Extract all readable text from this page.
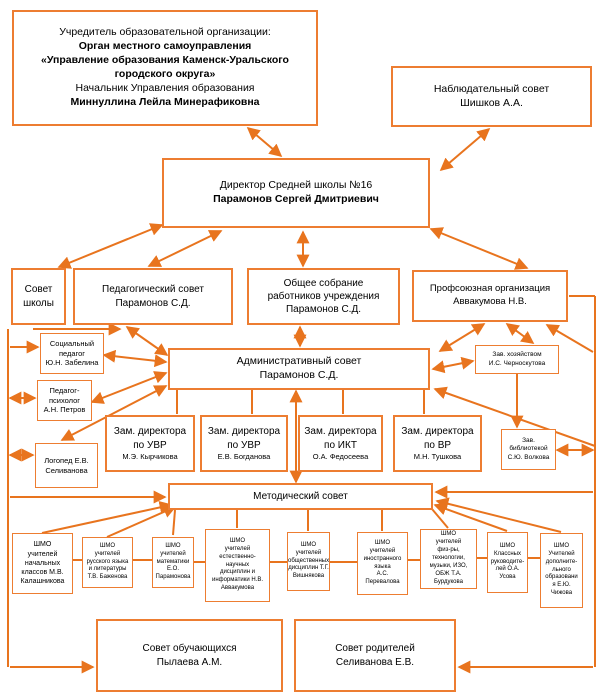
Учредитель образовательной организации:
Орган местного самоуправления
«Управление образования Каменск-Уральского
городского округа»
Начальник Управления образования
Миннуллина Лейла Минерафиковна
Наблюдательный совет
Шишков А.А.
Директор Средней школы №16
Парамонов Сергей Дмитриевич
Совет
школы
Педагогический совет
Парамонов С.Д.
Общее собрание
работников учреждения
Парамонов С.Д.
Профсоюзная организация
Аввакумова Н.В.
Социальный
педагог
Ю.Н. Забелина
Педагог-
психолог
А.Н. Петров
Логопед Е.В.
Селиванова
Административный совет
Парамонов С.Д.
Зав. хозяйством
И.С. Черноскутова
Зам. директора
по УВР
М.Э. Кырчикова
Зам. директора
по УВР
Е.В. Богданова
Зам. директора
по ИКТ
О.А. Федосеева
Зам. директора
по ВР
М.Н. Тушкова
Зав.
библиотекой
С.Ю. Волкова
Методический совет
ШМО
учителей
начальных
классов М.В.
Калашникова
ШМО
учителей
русского языка
и литературы
Т.В. Баженова
ШМО
учителей
математики
Е.О.
Парамонова
ШМО
учителей
естественно-
научных
дисциплин и
информатики Н.В.
Аввакумова
ШМО
учителей
общественных
дисциплин Т.Г.
Вишнякова
ШМО
учителей
иностранного
языка
А.С.
Перевалова
ШМО
учителей
физ-ры,
технологии,
музыки, ИЗО,
ОБЖ Т.А.
Бурдукова
ШМО
Классных
руководите-
лей О.А.
Усова
ШМО
Учителей
дополните-
льного
образовани
я Е.Ю.
Чижова
Совет обучающихся
Пылаева А.М.
Совет родителей
Селиванова Е.В.
